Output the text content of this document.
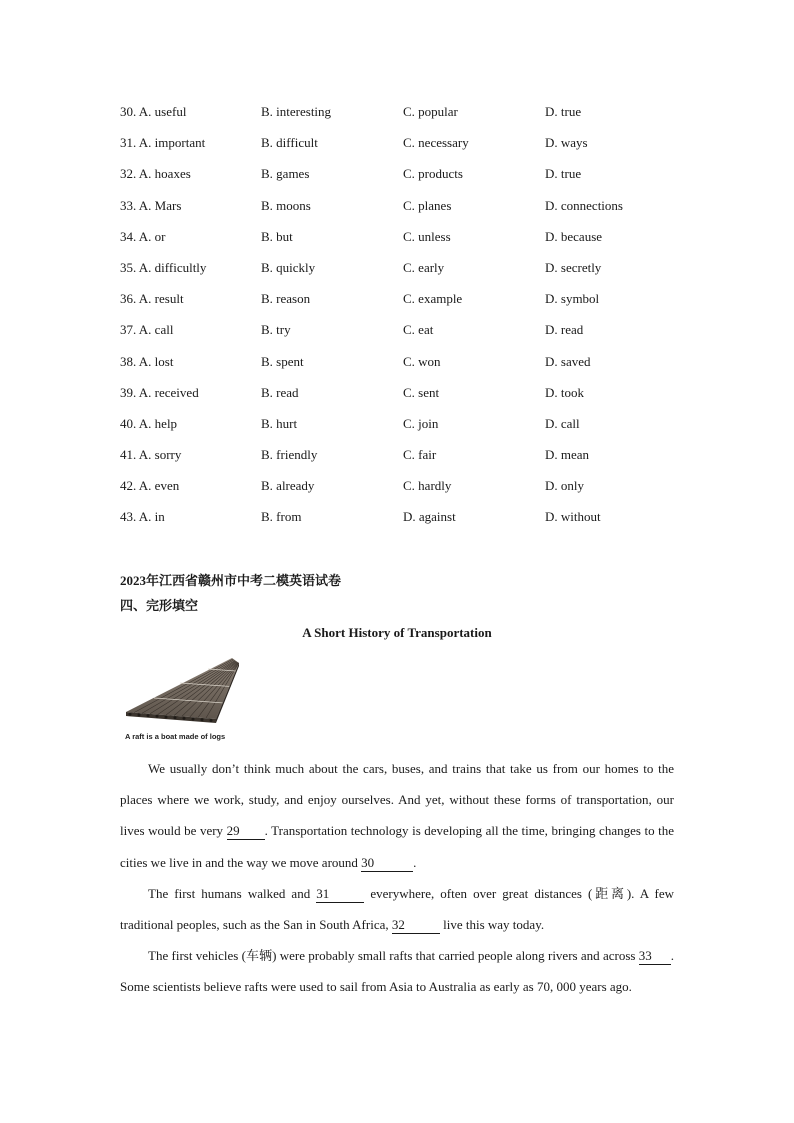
30. A. useful	B. interesting	C. popular	D. true
31. A. important	B. difficult	C. necessary	D. ways
32. A. hoaxes	B. games	C. products	D. true
33. A. Mars	B. moons	C. planes	D. connections
34. A. or	B. but	C. unless	D. because
35. A. difficultly	B. quickly	C. early	D. secretly
36. A. result	B. reason	C. example	D. symbol
37. A. call	B. try	C. eat	D. read
38. A. lost	B. spent	C. won	D. saved
39. A. received	B. read	C. sent	D. took
40. A. help	B. hurt	C. join	D. call
41. A. sorry	B. friendly	C. fair	D. mean
42. A. even	B. already	C. hardly	D. only
43. A. in	B. from	D. against	D. without
2023年江西省赣州市中考二模英语试卷
四、完形填空
A Short History of Transportation
A raft is a boat made of logs

We usually don’t think much about the cars, buses, and trains that take us from our homes to the places where we work, study, and enjoy ourselves. And yet, without these forms of transportation, our lives would be very 29 . Transportation technology is developing all the time, bringing changes to the cities we live in and the way we move around 30	.

The first humans walked and 31	everywhere, often over great distances (距离). A few traditional peoples, such as the San in South Africa, 32	live this way today.

The first vehicles (车辆) were probably small rafts that carried people along rivers and across 33 . Some scientists believe rafts were used to sail from Asia to Australia as early as 70, 000 years ago.
